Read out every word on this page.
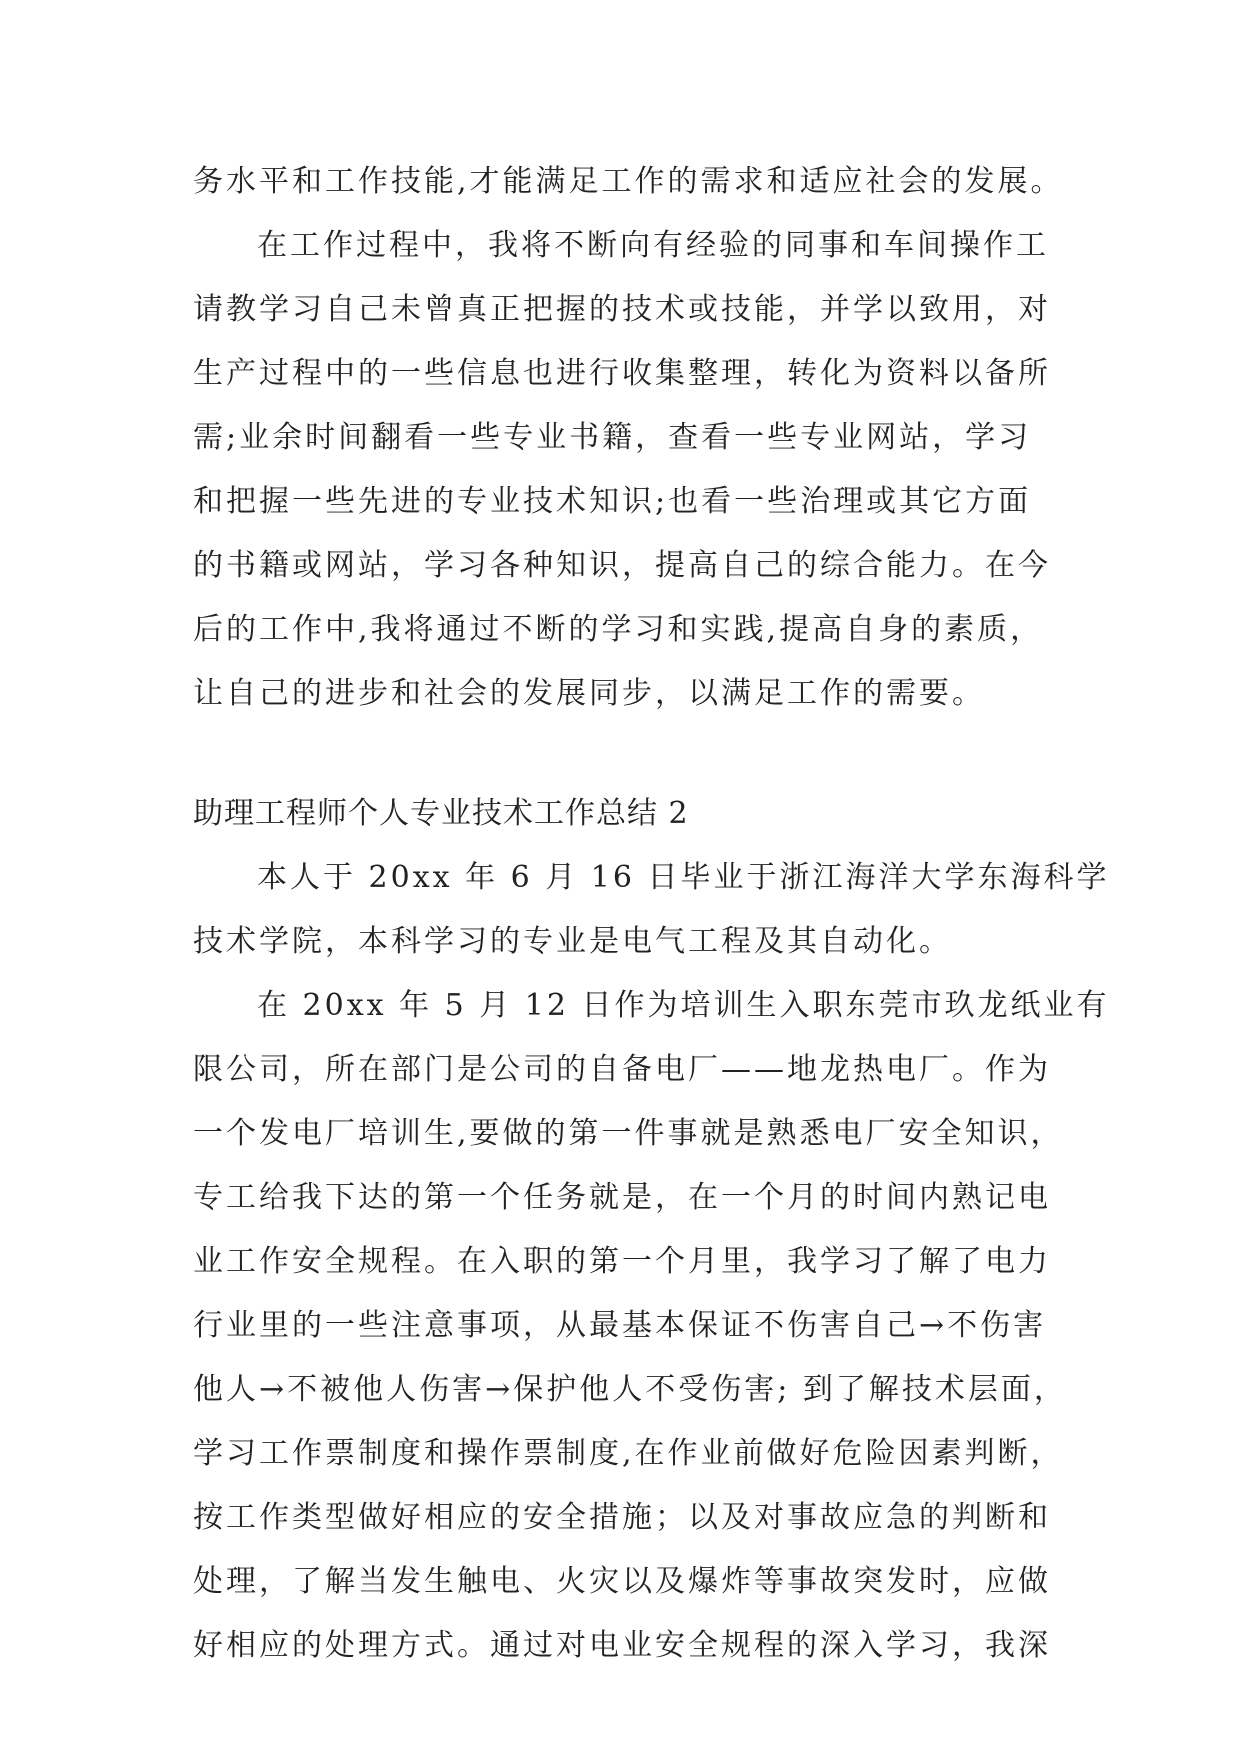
务水平和工作技能,才能满足工作的需求和适应社会的发展。
在工作过程中，我将不断向有经验的同事和车间操作工
请教学习自己未曾真正把握的技术或技能，并学以致用，对
生产过程中的一些信息也进行收集整理，转化为资料以备所
需;业余时间翻看一些专业书籍，查看一些专业网站，学习
和把握一些先进的专业技术知识;也看一些治理或其它方面
的书籍或网站，学习各种知识，提高自己的综合能力。在今
后的工作中,我将通过不断的学习和实践,提高自身的素质，
让自己的进步和社会的发展同步，以满足工作的需要。
助理工程师个人专业技术工作总结 2
本人于 20xx 年 6 月 16 日毕业于浙江海洋大学东海科学
技术学院，本科学习的专业是电气工程及其自动化。
在 20xx 年 5 月 12 日作为培训生入职东莞市玖龙纸业有
限公司，所在部门是公司的自备电厂——地龙热电厂。作为
一个发电厂培训生,要做的第一件事就是熟悉电厂安全知识，
专工给我下达的第一个任务就是，在一个月的时间内熟记电
业工作安全规程。在入职的第一个月里，我学习了解了电力
行业里的一些注意事项，从最基本保证不伤害自己→不伤害
他人→不被他人伤害→保护他人不受伤害; 到了解技术层面，
学习工作票制度和操作票制度,在作业前做好危险因素判断，
按工作类型做好相应的安全措施；以及对事故应急的判断和
处理，了解当发生触电、火灾以及爆炸等事故突发时，应做
好相应的处理方式。通过对电业安全规程的深入学习，我深
